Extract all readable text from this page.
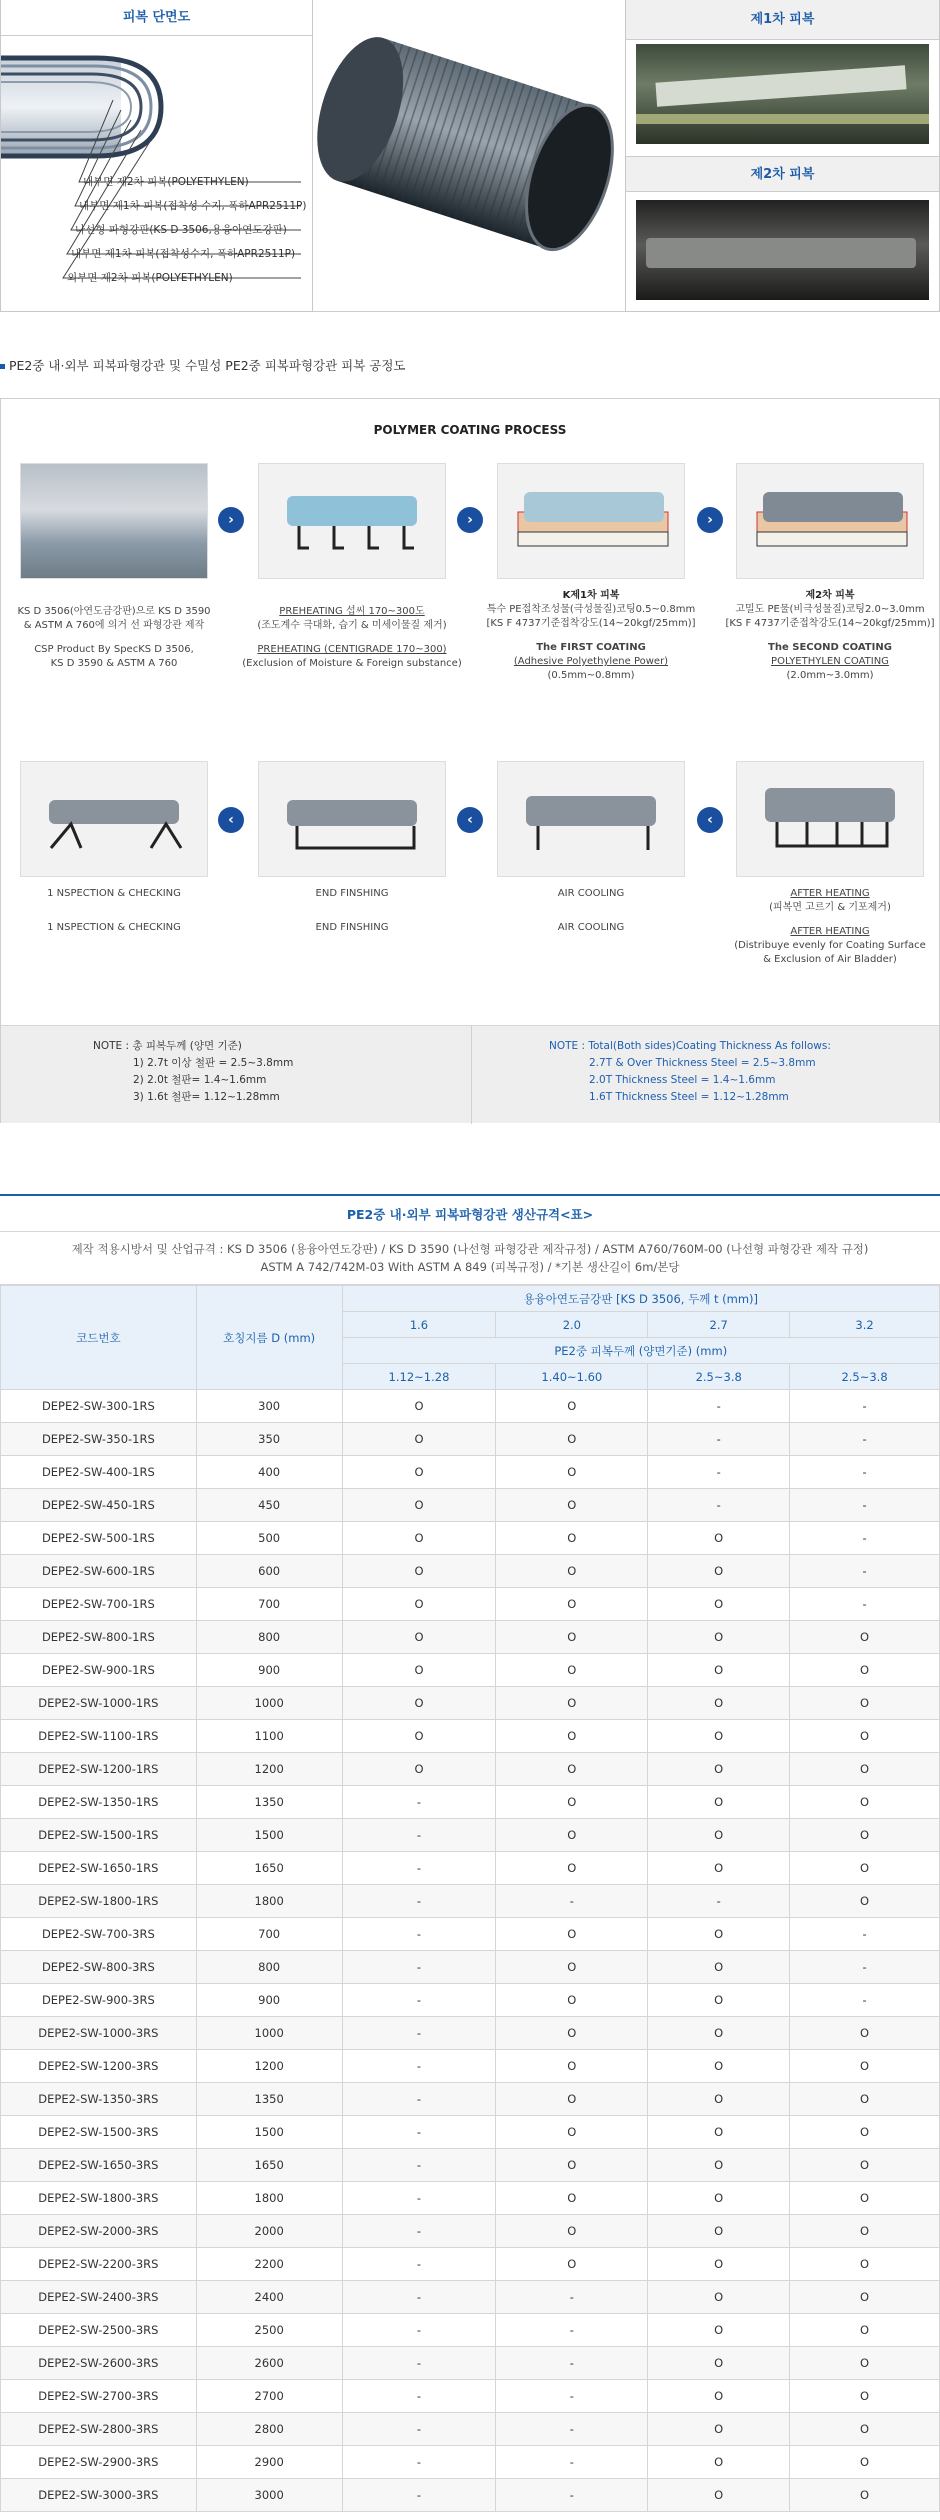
피복 단면도
내부면 제2차 피복(POLYETHYLEN)
내부면 제1차 피복(접착성 수지, 폭하APR2511P)
나선형 파형강판(KS D 3506,용융아연도강판)
내부면 제1차 피복(접착성수지, 폭하APR2511P)
외부면 제2차 피복(POLYETHYLEN)
제1차 피복
제2차 피복
PE2중 내·외부 피복파형강관 및 수밀성 PE2중 피복파형강관 피복 공정도
POLYMER COATING PROCESS
›	›	›
KS D 3506(아연도금강판)으로 KS D 3590
& ASTM A 760에 의거 선 파형강관 제작
CSP Product By SpecKS D 3506,
KS D 3590 & ASTM A 760
PREHEATING 섭씨 170~300도
(조도계수 극대화, 습기 & 미세이물질 제거)
PREHEATING (CENTIGRADE 170~300)
(Exclusion of Moisture & Foreign substance)
K제1차 피복
특수 PE접착조성물(극성물질)코팅0.5~0.8mm
[KS F 4737기준접착강도(14~20kgf/25mm)]
The FIRST COATING
(Adhesive Polyethylene Power)
(0.5mm~0.8mm)
제2차 피복
고밀도 PE물(비극성물질)코팅2.0~3.0mm
[KS F 4737기준접착강도(14~20kgf/25mm)]
The SECOND COATING
POLYETHYLEN COATING
(2.0mm~3.0mm)
‹	‹	‹
1 NSPECTION & CHECKING
1 NSPECTION & CHECKING
END FINSHING
END FINSHING
AIR COOLING
AIR COOLING
AFTER HEATING
(피복면 고르기 & 기포제거)
AFTER HEATING
(Distribuye evenly for Coating Surface
& Exclusion of Air Bladder)
NOTE : 총 피복두께 (양면 기준)
1) 2.7t 이상 철판 = 2.5~3.8mm
2) 2.0t 철판= 1.4~1.6mm
3) 1.6t 철판= 1.12~1.28mm
NOTE : Total(Both sides)Coating Thickness As follows:
2.7T & Over Thickness Steel = 2.5~3.8mm
2.0T Thickness Steel = 1.4~1.6mm
1.6T Thickness Steel = 1.12~1.28mm
PE2중 내·외부 피복파형강관 생산규격<표>
제작 적용시방서 및 산업규격 : KS D 3506 (용융아연도강판) / KS D 3590 (나선형 파형강관 제작규정) / ASTM A760/760M-00 (나선형 파형강관 제작 규정)
ASTM A 742/742M-03 With ASTM A 849 (피복규정) / *기본 생산길이 6m/본당
코드번호	호칭지름 D (mm)	용융아연도금강판 [KS D 3506, 두께 t (mm)]			
		1.6	2.0	2.7	3.2
		PE2중 피복두께 (양면기준) (mm)			
		1.12~1.28	1.40~1.60	2.5~3.8	2.5~3.8
DEPE2-SW-300-1RS	300	O	O	-	-
DEPE2-SW-350-1RS	350	O	O	-	-
DEPE2-SW-400-1RS	400	O	O	-	-
DEPE2-SW-450-1RS	450	O	O	-	-
DEPE2-SW-500-1RS	500	O	O	O	-
DEPE2-SW-600-1RS	600	O	O	O	-
DEPE2-SW-700-1RS	700	O	O	O	-
DEPE2-SW-800-1RS	800	O	O	O	O
DEPE2-SW-900-1RS	900	O	O	O	O
DEPE2-SW-1000-1RS	1000	O	O	O	O
DEPE2-SW-1100-1RS	1100	O	O	O	O
DEPE2-SW-1200-1RS	1200	O	O	O	O
DEPE2-SW-1350-1RS	1350	-	O	O	O
DEPE2-SW-1500-1RS	1500	-	O	O	O
DEPE2-SW-1650-1RS	1650	-	O	O	O
DEPE2-SW-1800-1RS	1800	-	-	-	O
DEPE2-SW-700-3RS	700	-	O	O	-
DEPE2-SW-800-3RS	800	-	O	O	-
DEPE2-SW-900-3RS	900	-	O	O	-
DEPE2-SW-1000-3RS	1000	-	O	O	O
DEPE2-SW-1200-3RS	1200	-	O	O	O
DEPE2-SW-1350-3RS	1350	-	O	O	O
DEPE2-SW-1500-3RS	1500	-	O	O	O
DEPE2-SW-1650-3RS	1650	-	O	O	O
DEPE2-SW-1800-3RS	1800	-	O	O	O
DEPE2-SW-2000-3RS	2000	-	O	O	O
DEPE2-SW-2200-3RS	2200	-	O	O	O
DEPE2-SW-2400-3RS	2400	-	-	O	O
DEPE2-SW-2500-3RS	2500	-	-	O	O
DEPE2-SW-2600-3RS	2600	-	-	O	O
DEPE2-SW-2700-3RS	2700	-	-	O	O
DEPE2-SW-2800-3RS	2800	-	-	O	O
DEPE2-SW-2900-3RS	2900	-	-	O	O
DEPE2-SW-3000-3RS	3000	-	-	O	O
